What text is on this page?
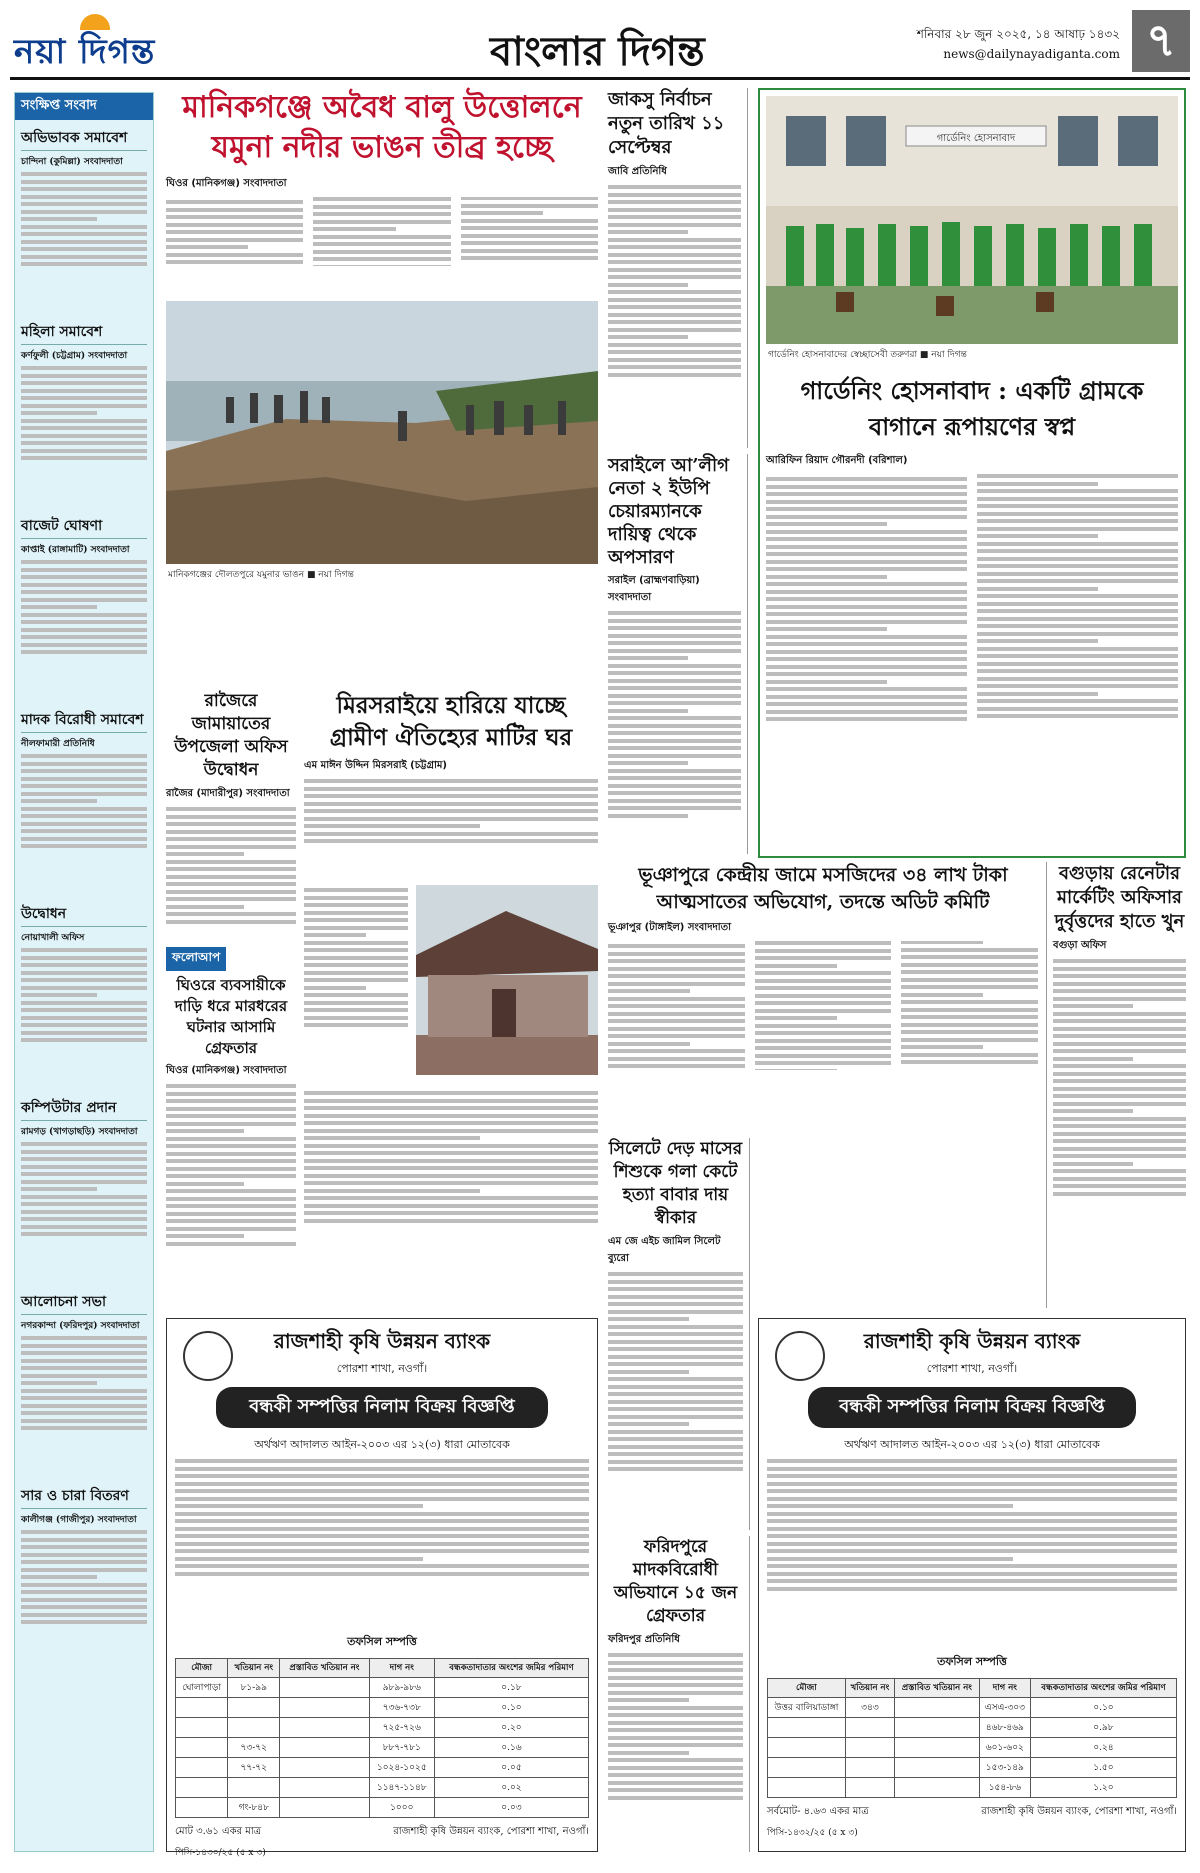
নয়া দিগন্ত	বাংলার দিগন্ত	শনিবার ২৮ জুন ২০২৫, ১৪ আষাঢ় ১৪৩২
news@dailynayadiganta.com ৭
সংক্ষিপ্ত সংবাদ
অভিভাবক সমাবেশ
চান্দিনা (কুমিল্লা) সংবাদদাতা
মহিলা সমাবেশ
কর্ণফুলী (চট্টগ্রাম) সংবাদদাতা
বাজেট ঘোষণা
কাপ্তাই (রাঙ্গামাটি) সংবাদদাতা
মাদক বিরোধী সমাবেশ
নীলফামারী প্রতিনিধি
উদ্বোধন
নোয়াখালী অফিস
কম্পিউটার প্রদান
রামগড় (খাগড়াছড়ি) সংবাদদাতা
আলোচনা সভা
নগরকান্দা (ফরিদপুর) সংবাদদাতা
সার ও চারা বিতরণ
কালীগঞ্জ (গাজীপুর) সংবাদদাতা
মানিকগঞ্জে অবৈধ বালু উত্তোলনে যমুনা নদীর ভাঙন তীব্র হচ্ছে
ঘিওর (মানিকগঞ্জ) সংবাদদাতা
মানিকগঞ্জের দৌলতপুরে যমুনার ভাঙন ■ নয়া দিগন্ত
জাকসু নির্বাচন নতুন তারিখ ১১ সেপ্টেম্বর
জাবি প্রতিনিধি
সরাইলে আ’লীগ নেতা ২ ইউপি চেয়ারম্যানকে দায়িত্ব থেকে অপসারণ
সরাইল (ব্রাহ্মণবাড়িয়া) সংবাদদাতা
গার্ডেনিং হোসনাবাদ
গার্ডেনিং হোসনাবাদের স্বেচ্ছাসেবী তরুণরা ■ নয়া দিগন্ত
গার্ডেনিং হোসনাবাদ : একটি গ্রামকে বাগানে রূপায়ণের স্বপ্ন
আরিফিন রিয়াদ গৌরনদী (বরিশাল)
রাজৈরে জামায়াতের উপজেলা অফিস উদ্বোধন
রাজৈর (মাদারীপুর) সংবাদদাতা
ফলোআপ
ঘিওরে ব্যবসায়ীকে দাড়ি ধরে মারধরের ঘটনার আসামি গ্রেফতার
ঘিওর (মানিকগঞ্জ) সংবাদদাতা
মিরসরাইয়ে হারিয়ে যাচ্ছে গ্রামীণ ঐতিহ্যের মাটির ঘর
এম মাঈন উদ্দিন মিরসরাই (চট্টগ্রাম)
ভূঞাপুরে কেন্দ্রীয় জামে মসজিদের ৩৪ লাখ টাকা আত্মসাতের অভিযোগ, তদন্তে অডিট কমিটি
ভূঞাপুর (টাঙ্গাইল) সংবাদদাতা
বগুড়ায় রেনেটার মার্কেটিং অফিসার দুর্বৃত্তদের হাতে খুন
বগুড়া অফিস
সিলেটে দেড় মাসের শিশুকে গলা কেটে হত্যা বাবার দায় স্বীকার
এম জে এইচ জামিল সিলেট ব্যুরো
ফরিদপুরে মাদকবিরোধী অভিযানে ১৫ জন গ্রেফতার
ফরিদপুর প্রতিনিধি
রাজশাহী কৃষি উন্নয়ন ব্যাংক
পোরশা শাখা, নওগাঁ।
বন্ধকী সম্পত্তির নিলাম বিক্রয় বিজ্ঞপ্তি
অর্থঋণ আদালত আইন-২০০৩ এর ১২(৩) ধারা মোতাবেক
তফসিল সম্পত্তি
মৌজা	খতিয়ান নং	প্রস্তাবিত খতিয়ান নং	দাগ নং	বন্ধকতাদাতার অংশের জমির পরিমাণ
ঘোলাপাড়া	৮১-৯৯		৯৮৯-৯৮৬	০.১৮
			৭৩৬-৭৩৮	০.১০
			৭২৫-৭২৬	০.২০
	৭৩-৭২		৮৮৭-৭৮১	০.১৬
	৭৭-৭২		১০২৪-১০২৫	০.০৫
			১১৪৭-১১৪৮	০.০২
	গং-৮৪৮		১০০০	০.০৩
মোট ৩.৬১ একর মাত্র	রাজশাহী কৃষি উন্নয়ন ব্যাংক, পোরশা শাখা, নওগাঁ।
পিসি-১৪৩০/২৫ (৫ x ৩)
রাজশাহী কৃষি উন্নয়ন ব্যাংক
পোরশা শাখা, নওগাঁ।
বন্ধকী সম্পত্তির নিলাম বিক্রয় বিজ্ঞপ্তি
অর্থঋণ আদালত আইন-২০০৩ এর ১২(৩) ধারা মোতাবেক
তফসিল সম্পত্তি
মৌজা	খতিয়ান নং	প্রস্তাবিত খতিয়ান নং	দাগ নং	বন্ধকতাদাতার অংশের জমির পরিমাণ
উত্তর বালিয়াডাঙ্গা	৩৪৩		এসএ-৩০৩	০.১০
			৪৬৮-৪৬৯	০.৯৮
			৬০১-৬০২	০.২৪
			১৫৩-১৪৯	১.৫০
			১৫৪-৮৬	১.২০
সর্বমোট- ৪.৬৩ একর মাত্র	রাজশাহী কৃষি উন্নয়ন ব্যাংক, পোরশা শাখা, নওগাঁ।
পিসি-১৪৩২/২৫ (৫ x ৩)
